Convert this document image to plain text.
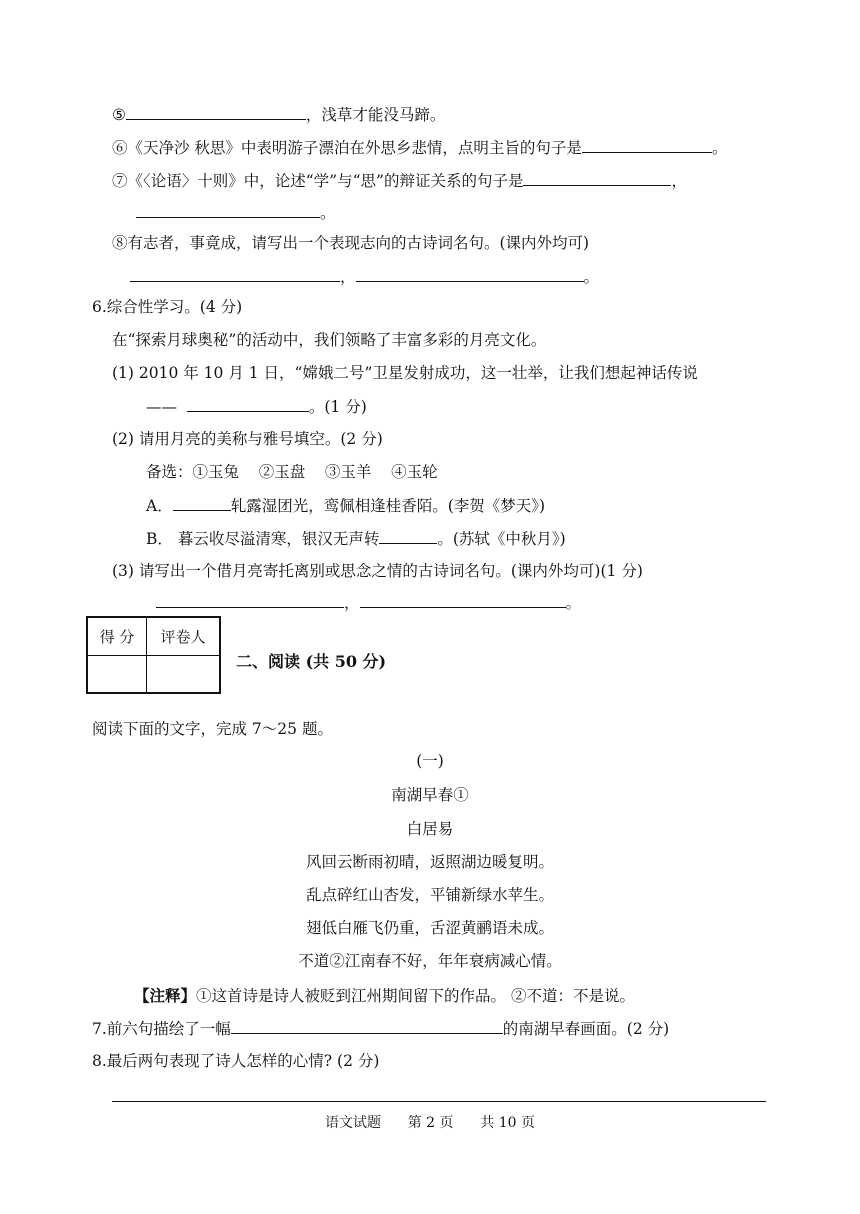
⑤	，浅草才能没马蹄。
⑥《天净沙 秋思》中表明游子漂泊在外思乡悲情，点明主旨的句子是	。
⑦《〈论语〉十则》中，论述“学”与“思”的辩证关系的句子是	，
。
⑧有志者，事竟成，请写出一个表现志向的古诗词名句。(课内外均可)
，	。
6.综合性学习。(4 分)
在“探索月球奥秘”的活动中，我们领略了丰富多彩的月亮文化。
(1) 2010 年 10 月 1 日，“嫦娥二号”卫星发射成功，这一壮举，让我们想起神话传说
——	。(1 分)
(2) 请用月亮的美称与雅号填空。(2 分)
备选：①玉兔    ②玉盘    ③玉羊    ④玉轮
A．	轧露湿团光，鸾佩相逢桂香陌。(李贺《梦天》)
B． 暮云收尽溢清寒，银汉无声转	。(苏轼《中秋月》)
(3) 请写出一个借月亮寄托离别或思念之情的古诗词名句。(课内外均可)(1 分)
，	。
得 分	评卷人

二、阅读 (共 50 分)
阅读下面的文字，完成 7～25 题。
(一)
南湖早春①
白居易
风回云断雨初晴，返照湖边暖复明。
乱点碎红山杏发，平铺新绿水苹生。
翅低白雁飞仍重，舌涩黄鹂语未成。
不道②江南春不好，年年衰病减心情。
【注释】①这首诗是诗人被贬到江州期间留下的作品。 ②不道：不是说。
7.前六句描绘了一幅	的南湖早春画面。(2 分)
8.最后两句表现了诗人怎样的心情? (2 分)
语文试题 第 2 页 共 10 页
